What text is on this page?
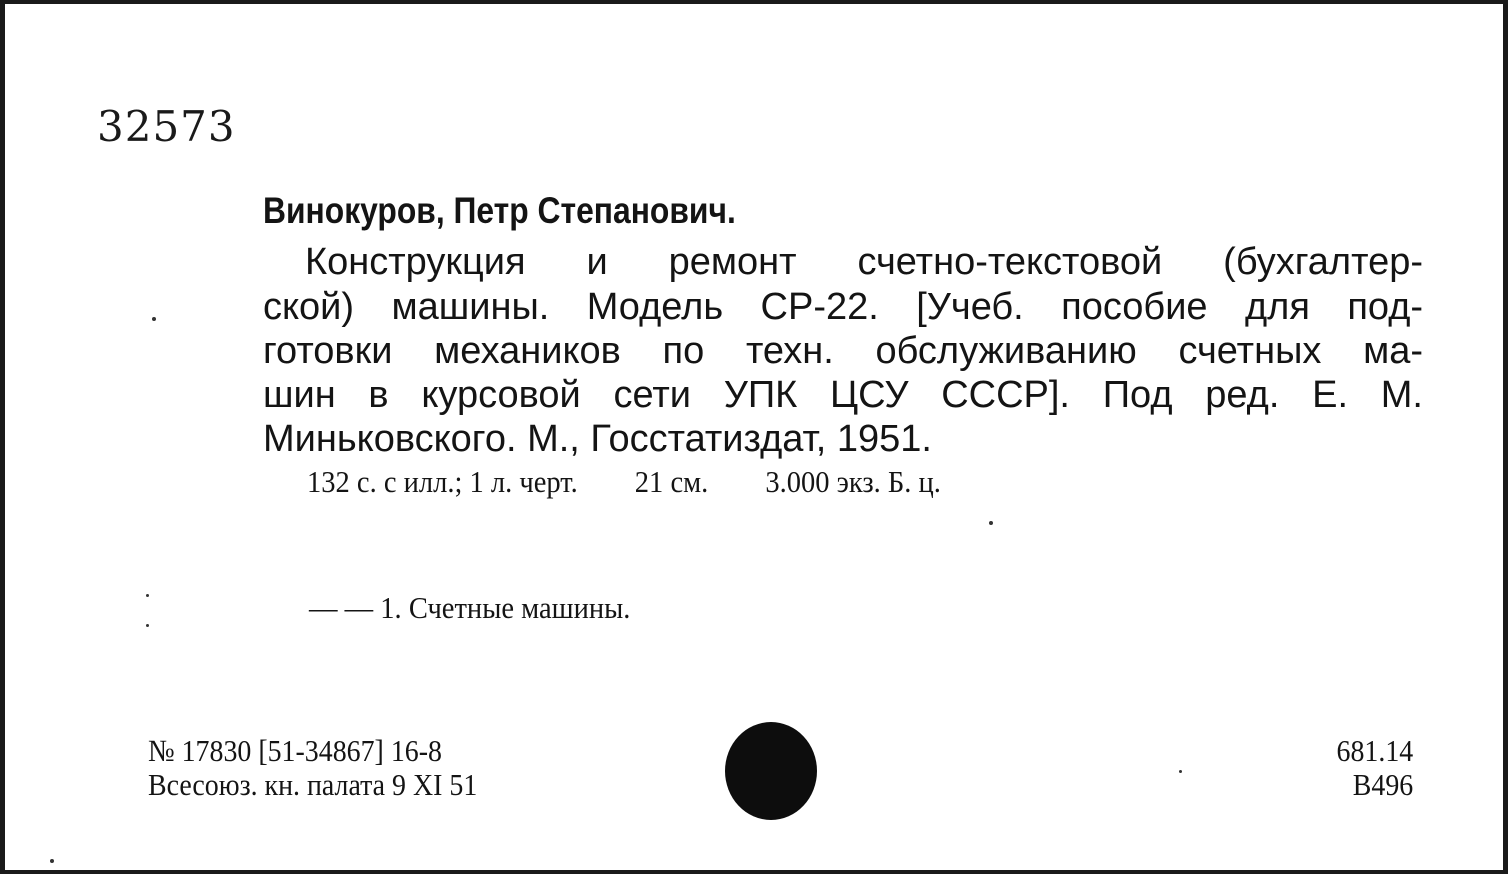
32573
Винокуров, Петр Степанович.
Конструкция и ремонт счетно-текстовой (бухгалтер-
ской) машины. Модель СР-22. [Учеб. пособие для под-
готовки механиков по техн. обслуживанию счетных ма-
шин в курсовой сети УПК ЦСУ СССР]. Под ред. Е. М.
Миньковского. М., Госстатиздат, 1951.
132 с. с илл.; 1 л. черт. 21 см. 3.000 экз. Б. ц.
— — 1. Счетные машины.
№ 17830 [51-34867] 16-8
Всесоюз. кн. палата 9 XI 51
681.14
В496
